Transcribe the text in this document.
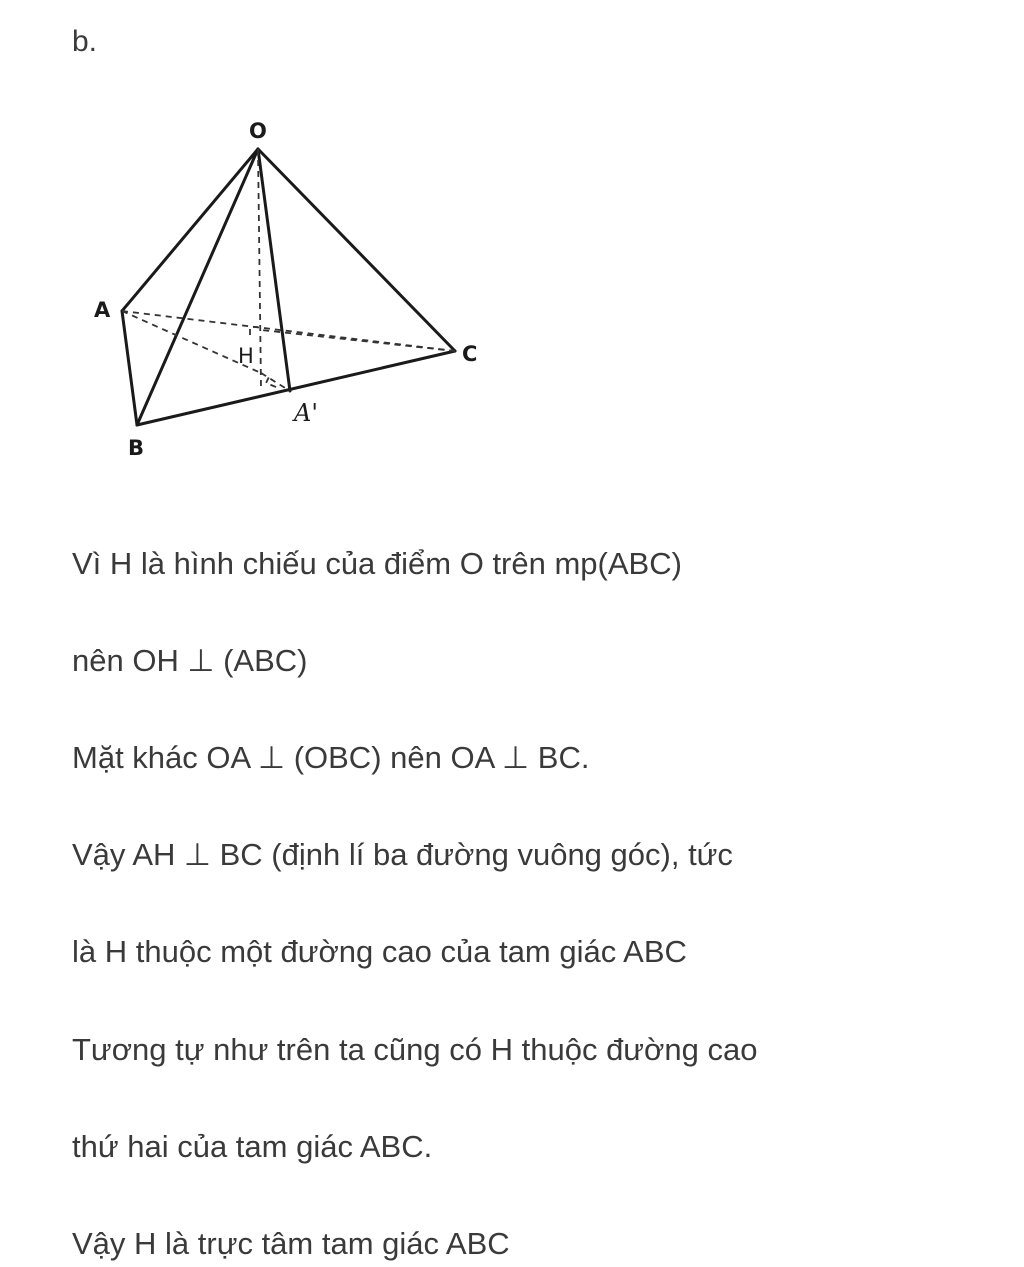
b.
O
A
B
C
H
A'
Vì H là hình chiếu của điểm O trên mp(ABC)
nên OH ⊥ (ABC)
Mặt khác OA ⊥ (OBC) nên OA ⊥ BC.
Vậy AH ⊥ BC (định lí ba đường vuông góc), tức
là H thuộc một đường cao của tam giác ABC
Tương tự như trên ta cũng có H thuộc đường cao
thứ hai của tam giác ABC.
Vậy H là trực tâm tam giác ABC
